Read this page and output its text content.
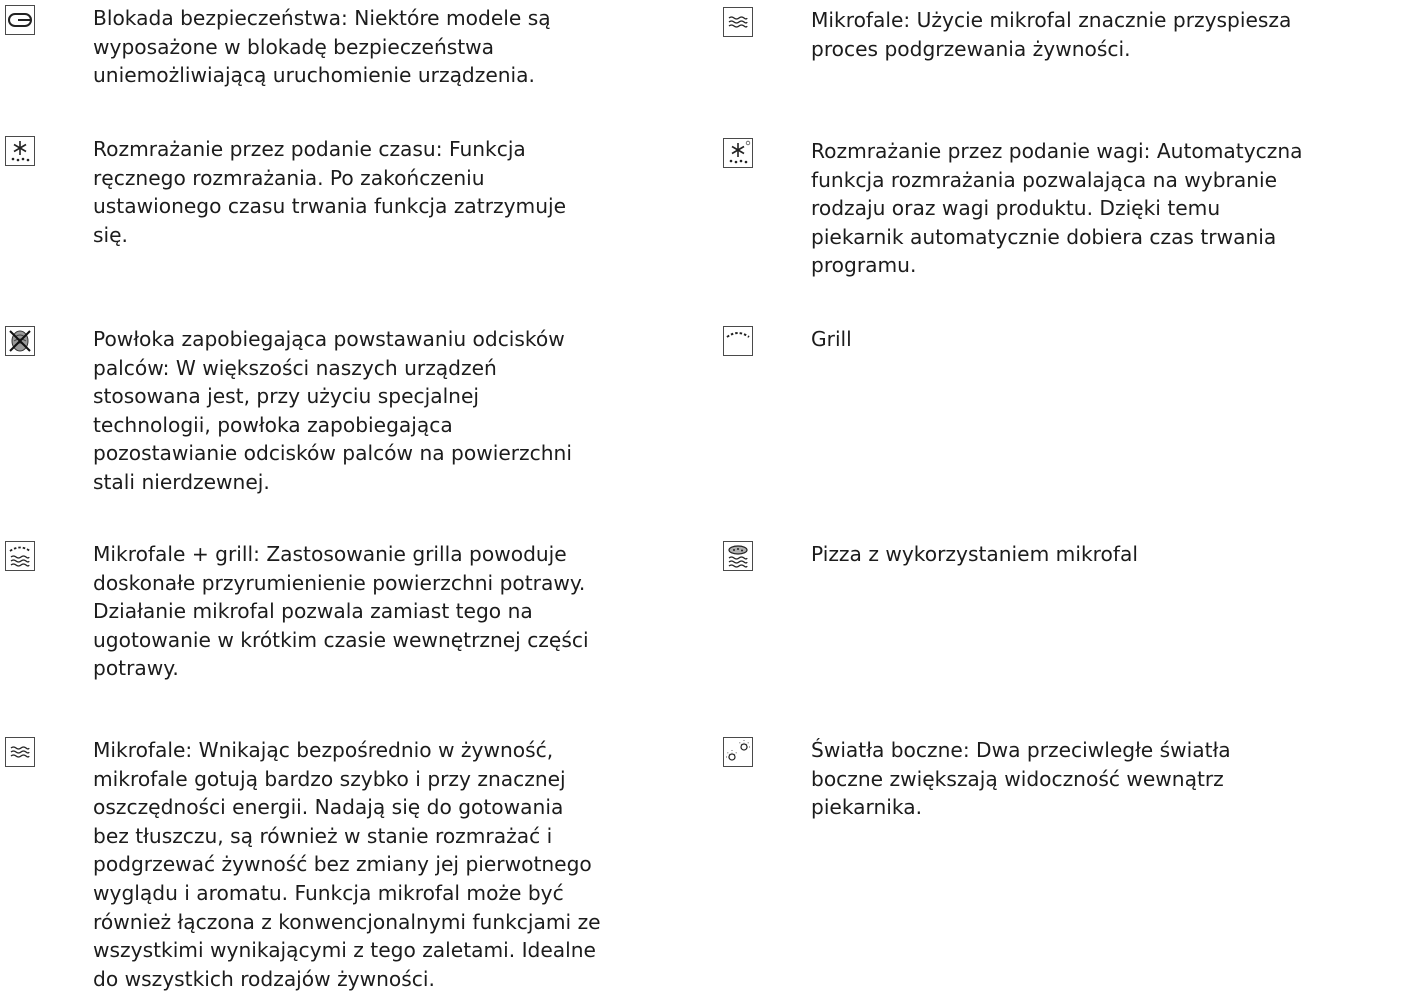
Blokada bezpieczeństwa: Niektóre modele są
wyposażone w blokadę bezpieczeństwa
uniemożliwiającą uruchomienie urządzenia.
Rozmrażanie przez podanie czasu: Funkcja
ręcznego rozmrażania. Po zakończeniu
ustawionego czasu trwania funkcja zatrzymuje
się.
Powłoka zapobiegająca powstawaniu odcisków
palców: W większości naszych urządzeń
stosowana jest, przy użyciu specjalnej
technologii, powłoka zapobiegająca
pozostawianie odcisków palców na powierzchni
stali nierdzewnej.
Mikrofale + grill: Zastosowanie grilla powoduje
doskonałe przyrumienienie powierzchni potrawy.
Działanie mikrofal pozwala zamiast tego na
ugotowanie w krótkim czasie wewnętrznej części
potrawy.
Mikrofale: Wnikając bezpośrednio w żywność,
mikrofale gotują bardzo szybko i przy znacznej
oszczędności energii. Nadają się do gotowania
bez tłuszczu, są również w stanie rozmrażać i
podgrzewać żywność bez zmiany jej pierwotnego
wyglądu i aromatu. Funkcja mikrofal może być
również łączona z konwencjonalnymi funkcjami ze
wszystkimi wynikającymi z tego zaletami. Idealne
do wszystkich rodzajów żywności.
Mikrofale: Użycie mikrofal znacznie przyspiesza
proces podgrzewania żywności.
Rozmrażanie przez podanie wagi: Automatyczna
funkcja rozmrażania pozwalająca na wybranie
rodzaju oraz wagi produktu. Dzięki temu
piekarnik automatycznie dobiera czas trwania
programu.
Grill
Pizza z wykorzystaniem mikrofal
Światła boczne: Dwa przeciwległe światła
boczne zwiększają widoczność wewnątrz
piekarnika.
